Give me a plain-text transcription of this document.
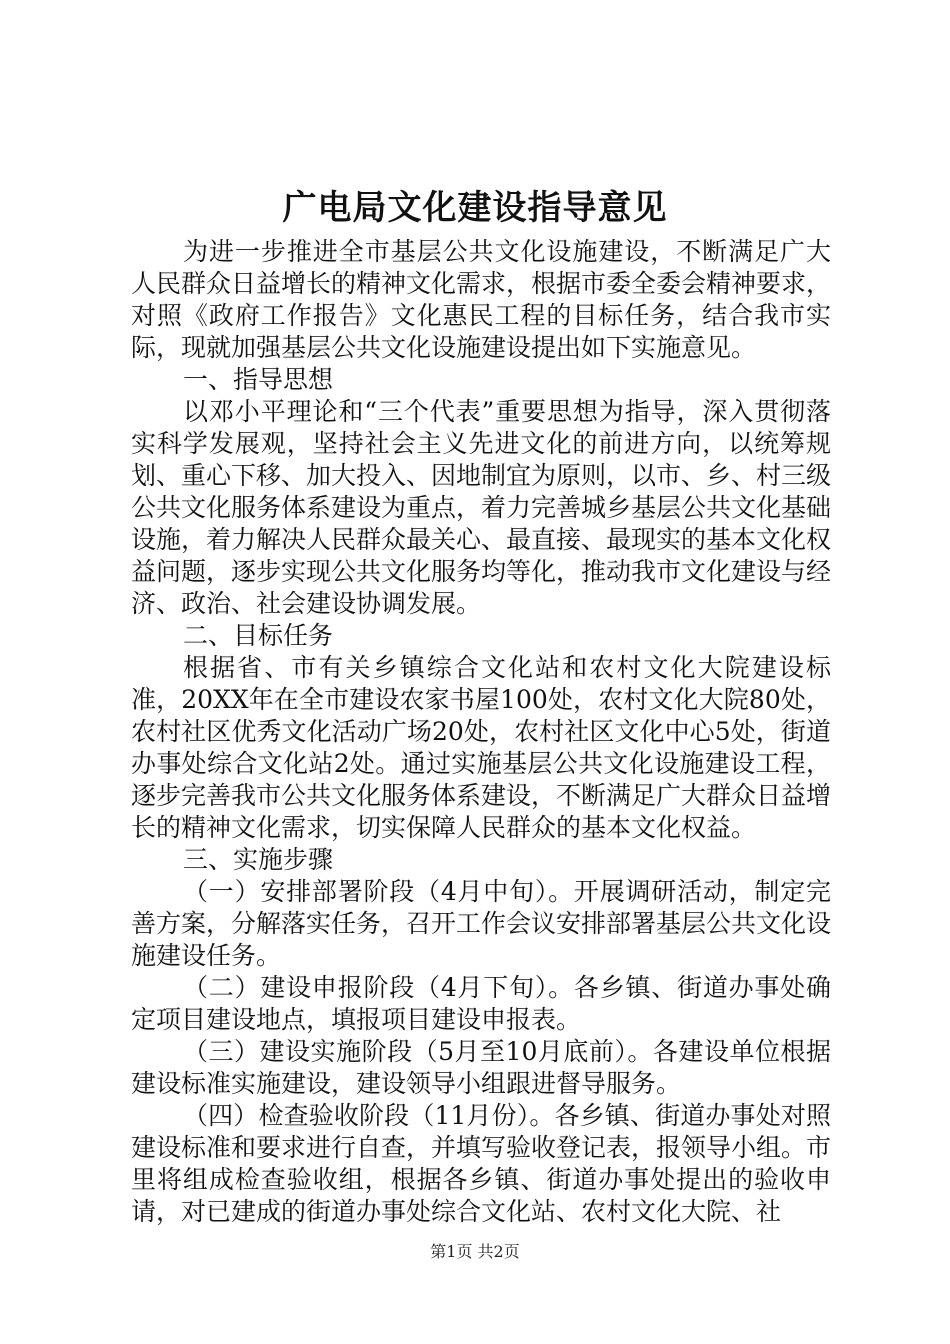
广电局文化建设指导意见

为进一步推进全市基层公共文化设施建设，不断满足广大人民群众日益增长的精神文化需求，根据市委全委会精神要求，对照《政府工作报告》文化惠民工程的目标任务，结合我市实际，现就加强基层公共文化设施建设提出如下实施意见。

一、指导思想

以邓小平理论和“三个代表”重要思想为指导，深入贯彻落实科学发展观，坚持社会主义先进文化的前进方向，以统筹规划、重心下移、加大投入、因地制宜为原则，以市、乡、村三级公共文化服务体系建设为重点，着力完善城乡基层公共文化基础设施，着力解决人民群众最关心、最直接、最现实的基本文化权益问题，逐步实现公共文化服务均等化，推动我市文化建设与经济、政治、社会建设协调发展。

二、目标任务

根据省、市有关乡镇综合文化站和农村文化大院建设标准，20XX年在全市建设农家书屋100处，农村文化大院80处，农村社区优秀文化活动广场20处，农村社区文化中心5处，街道办事处综合文化站2处。通过实施基层公共文化设施建设工程，逐步完善我市公共文化服务体系建设，不断满足广大群众日益增长的精神文化需求，切实保障人民群众的基本文化权益。

三、实施步骤

（一）安排部署阶段（4月中旬）。开展调研活动，制定完善方案，分解落实任务，召开工作会议安排部署基层公共文化设施建设任务。

（二）建设申报阶段（4月下旬）。各乡镇、街道办事处确定项目建设地点，填报项目建设申报表。

（三）建设实施阶段（5月至10月底前）。各建设单位根据建设标准实施建设，建设领导小组跟进督导服务。

（四）检查验收阶段（11月份）。各乡镇、街道办事处对照建设标准和要求进行自查，并填写验收登记表，报领导小组。市里将组成检查验收组，根据各乡镇、街道办事处提出的验收申请，对已建成的街道办事处综合文化站、农村文化大院、社

第1页 共2页
